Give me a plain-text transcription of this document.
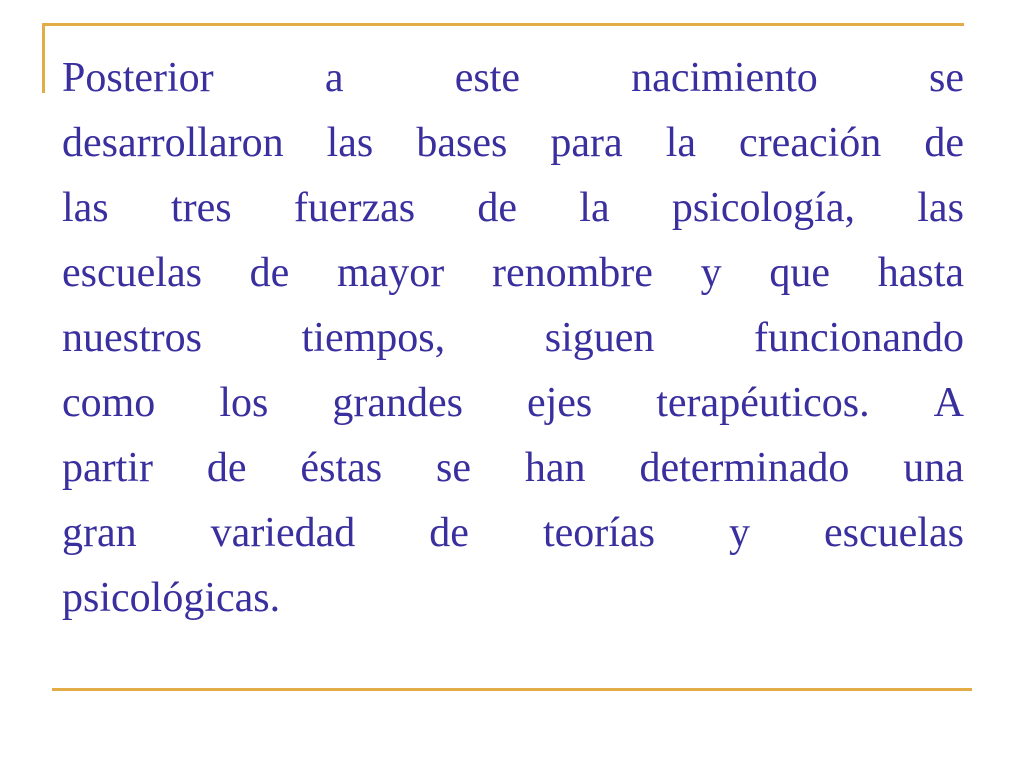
Posterior	a	este	nacimiento	se
desarrollaron las bases para la creación de
las tres fuerzas de la psicología, las
escuelas de mayor renombre y que hasta
nuestros tiempos, siguen funcionando
como los grandes ejes terapéuticos. A
partir de éstas se han determinado una
gran variedad de teorías y escuelas
psicológicas.
